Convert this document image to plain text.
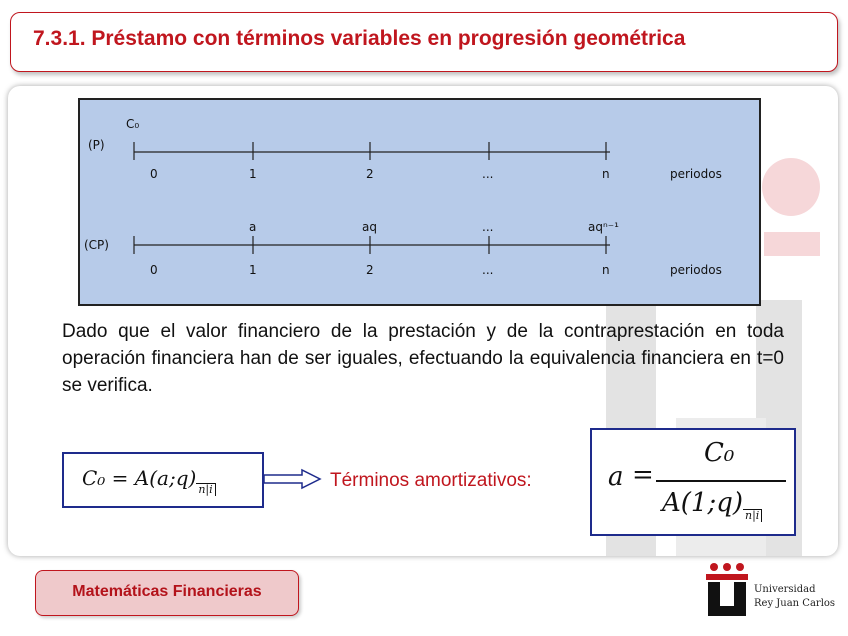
7.3.1. Préstamo con términos variables en progresión geométrica
(P)
C₀
0	1	2	...	n	periodos
(CP)
a	aq	...	aqⁿ⁻¹
0	1	2	...	n	periodos
Dado que el valor financiero de la prestación y de la contraprestación en toda operación financiera han de ser iguales, efectuando la equivalencia financiera en t=0 se verifica.
C₀ = A(a;q) n|i	Términos amortizativos:	a =
C₀
A(1;q) n|i
Matemáticas Financieras	Universidad
Rey Juan Carlos
